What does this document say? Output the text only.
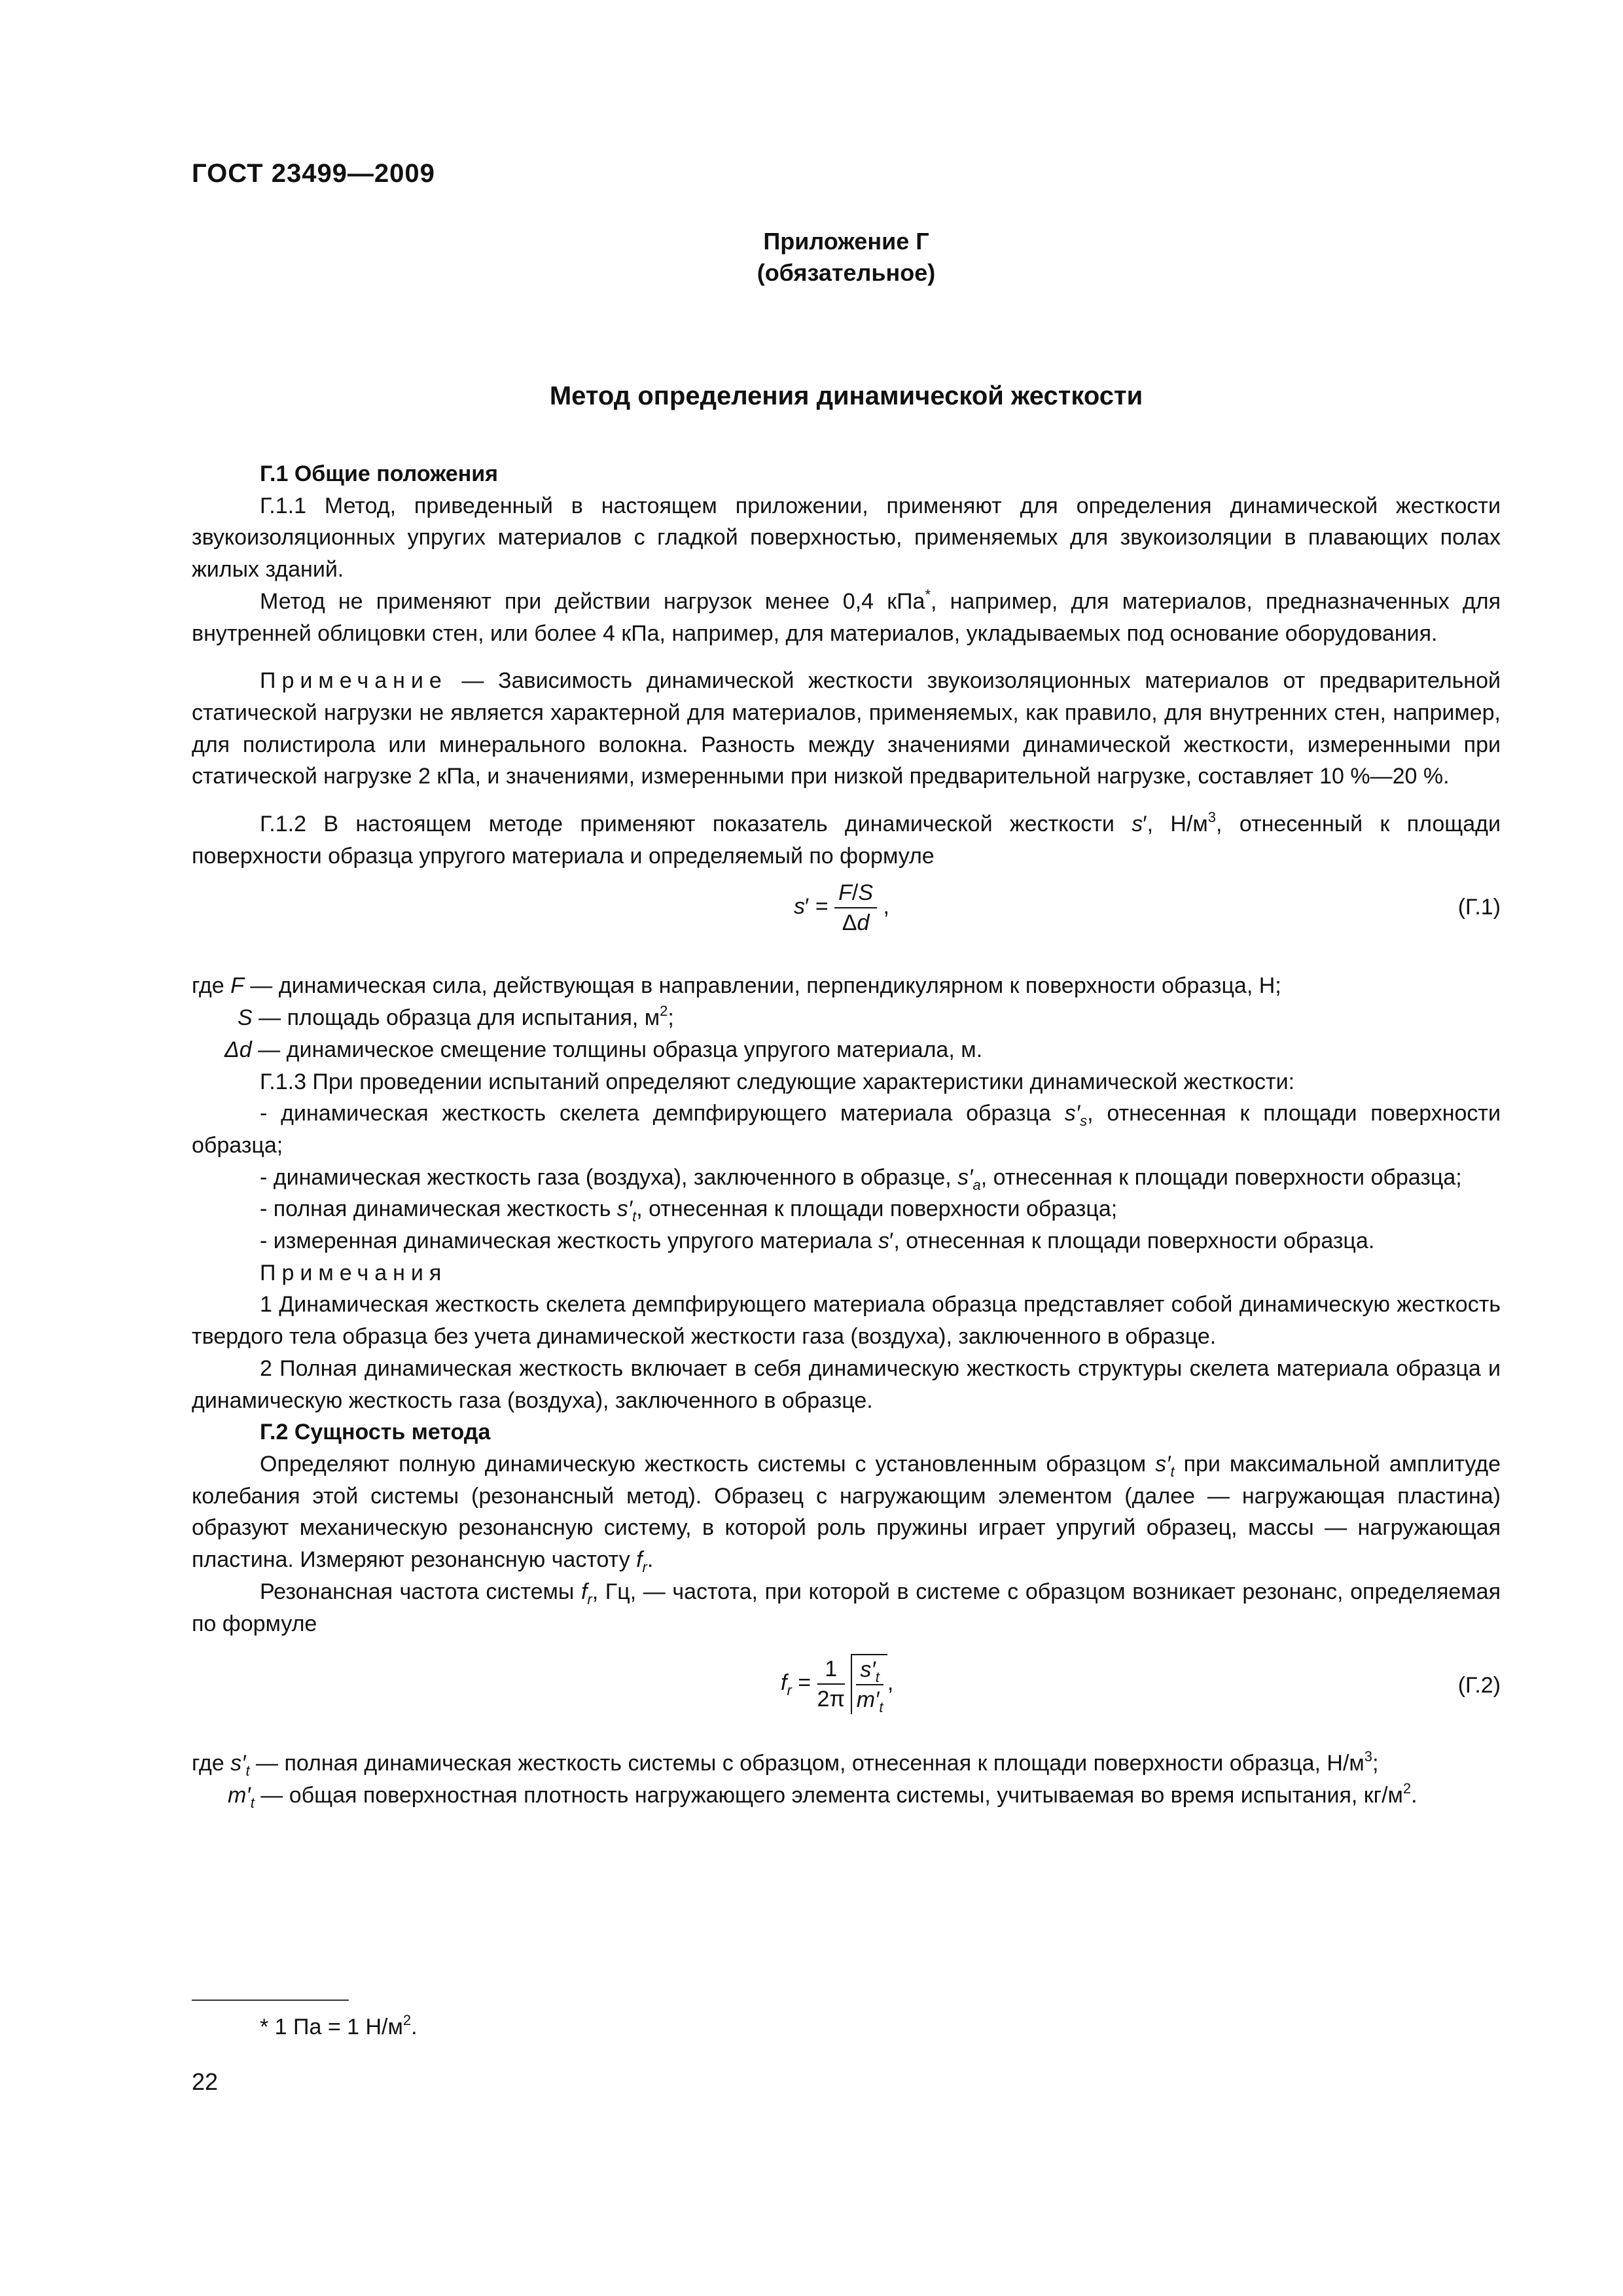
ГОСТ 23499—2009
Приложение Г
(обязательное)
Метод определения динамической жесткости

Г.1 Общие положения

Г.1.1 Метод, приведенный в настоящем приложении, применяют для определения динамической жесткости звукоизоляционных упругих материалов с гладкой поверхностью, применяемых для звукоизоляции в плавающих полах жилых зданий.

Метод не применяют при действии нагрузок менее 0,4 кПа*, например, для материалов, предназначенных для внутренней облицовки стен, или более 4 кПа, например, для материалов, укладываемых под основание оборудования.

Примечание — Зависимость динамической жесткости звукоизоляционных материалов от предварительной статической нагрузки не является характерной для материалов, применяемых, как правило, для внутренних стен, например, для полистирола или минерального волокна. Разность между значениями динамической жесткости, измеренными при статической нагрузке 2 кПа, и значениями, измеренными при низкой предварительной нагрузке, составляет 10 %—20 %.

Г.1.2 В настоящем методе применяют показатель динамической жесткости s′, $Н/м^3$, отнесенный к площади поверхности образца упругого материала и определяемый по формуле

$s' = \frac{F/S}{\Delta d}$ ,	(Г.1)

где F — динамическая сила, действующая в направлении, перпендикулярном к поверхности образца, Н;

S — площадь образца для испытания, $м^2$;

Δd — динамическое смещение толщины образца упругого материала, м.

Г.1.3 При проведении испытаний определяют следующие характеристики динамической жесткости:

- динамическая жесткость скелета демпфирующего материала образца $s'_s$, отнесенная к площади поверхности образца;

- динамическая жесткость газа (воздуха), заключенного в образце, $s'_a$, отнесенная к площади поверхности образца;

- полная динамическая жесткость $s'_t$, отнесенная к площади поверхности образца;

- измеренная динамическая жесткость упругого материала s′, отнесенная к площади поверхности образца.

Примечания

1 Динамическая жесткость скелета демпфирующего материала образца представляет собой динамическую жесткость твердого тела образца без учета динамической жесткости газа (воздуха), заключенного в образце.

2 Полная динамическая жесткость включает в себя динамическую жесткость структуры скелета материала образца и динамическую жесткость газа (воздуха), заключенного в образце.

Г.2 Сущность метода

Определяют полную динамическую жесткость системы с установленным образцом $s'_t$ при максимальной амплитуде колебания этой системы (резонансный метод). Образец с нагружающим элементом (далее — нагружающая пластина) образуют механическую резонансную систему, в которой роль пружины играет упругий образец, массы — нагружающая пластина. Измеряют резонансную частоту $f_r$.

Резонансная частота системы $f_r$, Гц, — частота, при которой в системе с образцом возникает резонанс, определяемая по формуле

$f_r = \frac{1}{2\pi}$
$\frac{s'_t}{m'_t}$ ,	(Г.2)

где $s'_t$ — полная динамическая жесткость системы с образцом, отнесенная к площади поверхности образца, $Н/м^3$;

$m'_t$ — общая поверхностная плотность нагружающего элемента системы, учитываемая во время испытания, $кг/м^2$.

* 1 Па = 1 $Н/м^2$.
22
